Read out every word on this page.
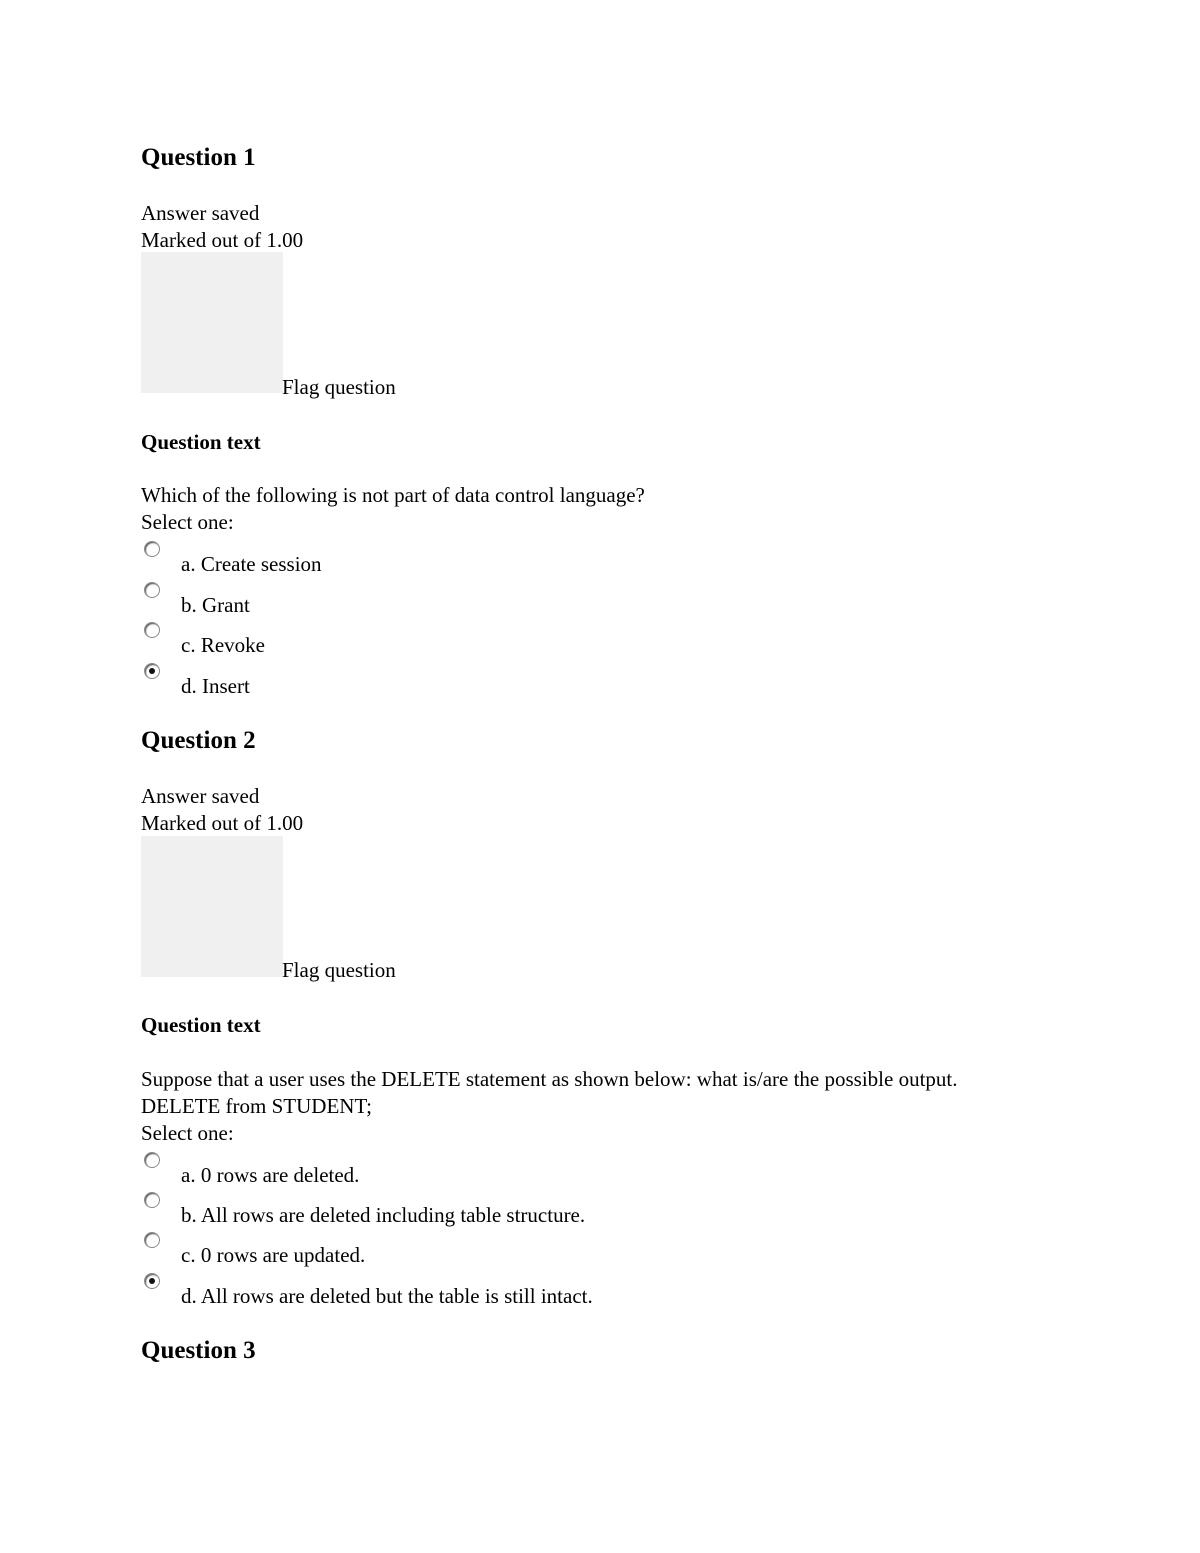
Question 1
Answer saved
Marked out of 1.00
Flag question
Question text
Which of the following is not part of data control language?
Select one:
a. Create session
b. Grant
c. Revoke
d. Insert
Question 2
Answer saved
Marked out of 1.00
Flag question
Question text
Suppose that a user uses the DELETE statement as shown below: what is/are the possible output.
DELETE from STUDENT;
Select one:
a. 0 rows are deleted.
b. All rows are deleted including table structure.
c. 0 rows are updated.
d. All rows are deleted but the table is still intact.
Question 3
